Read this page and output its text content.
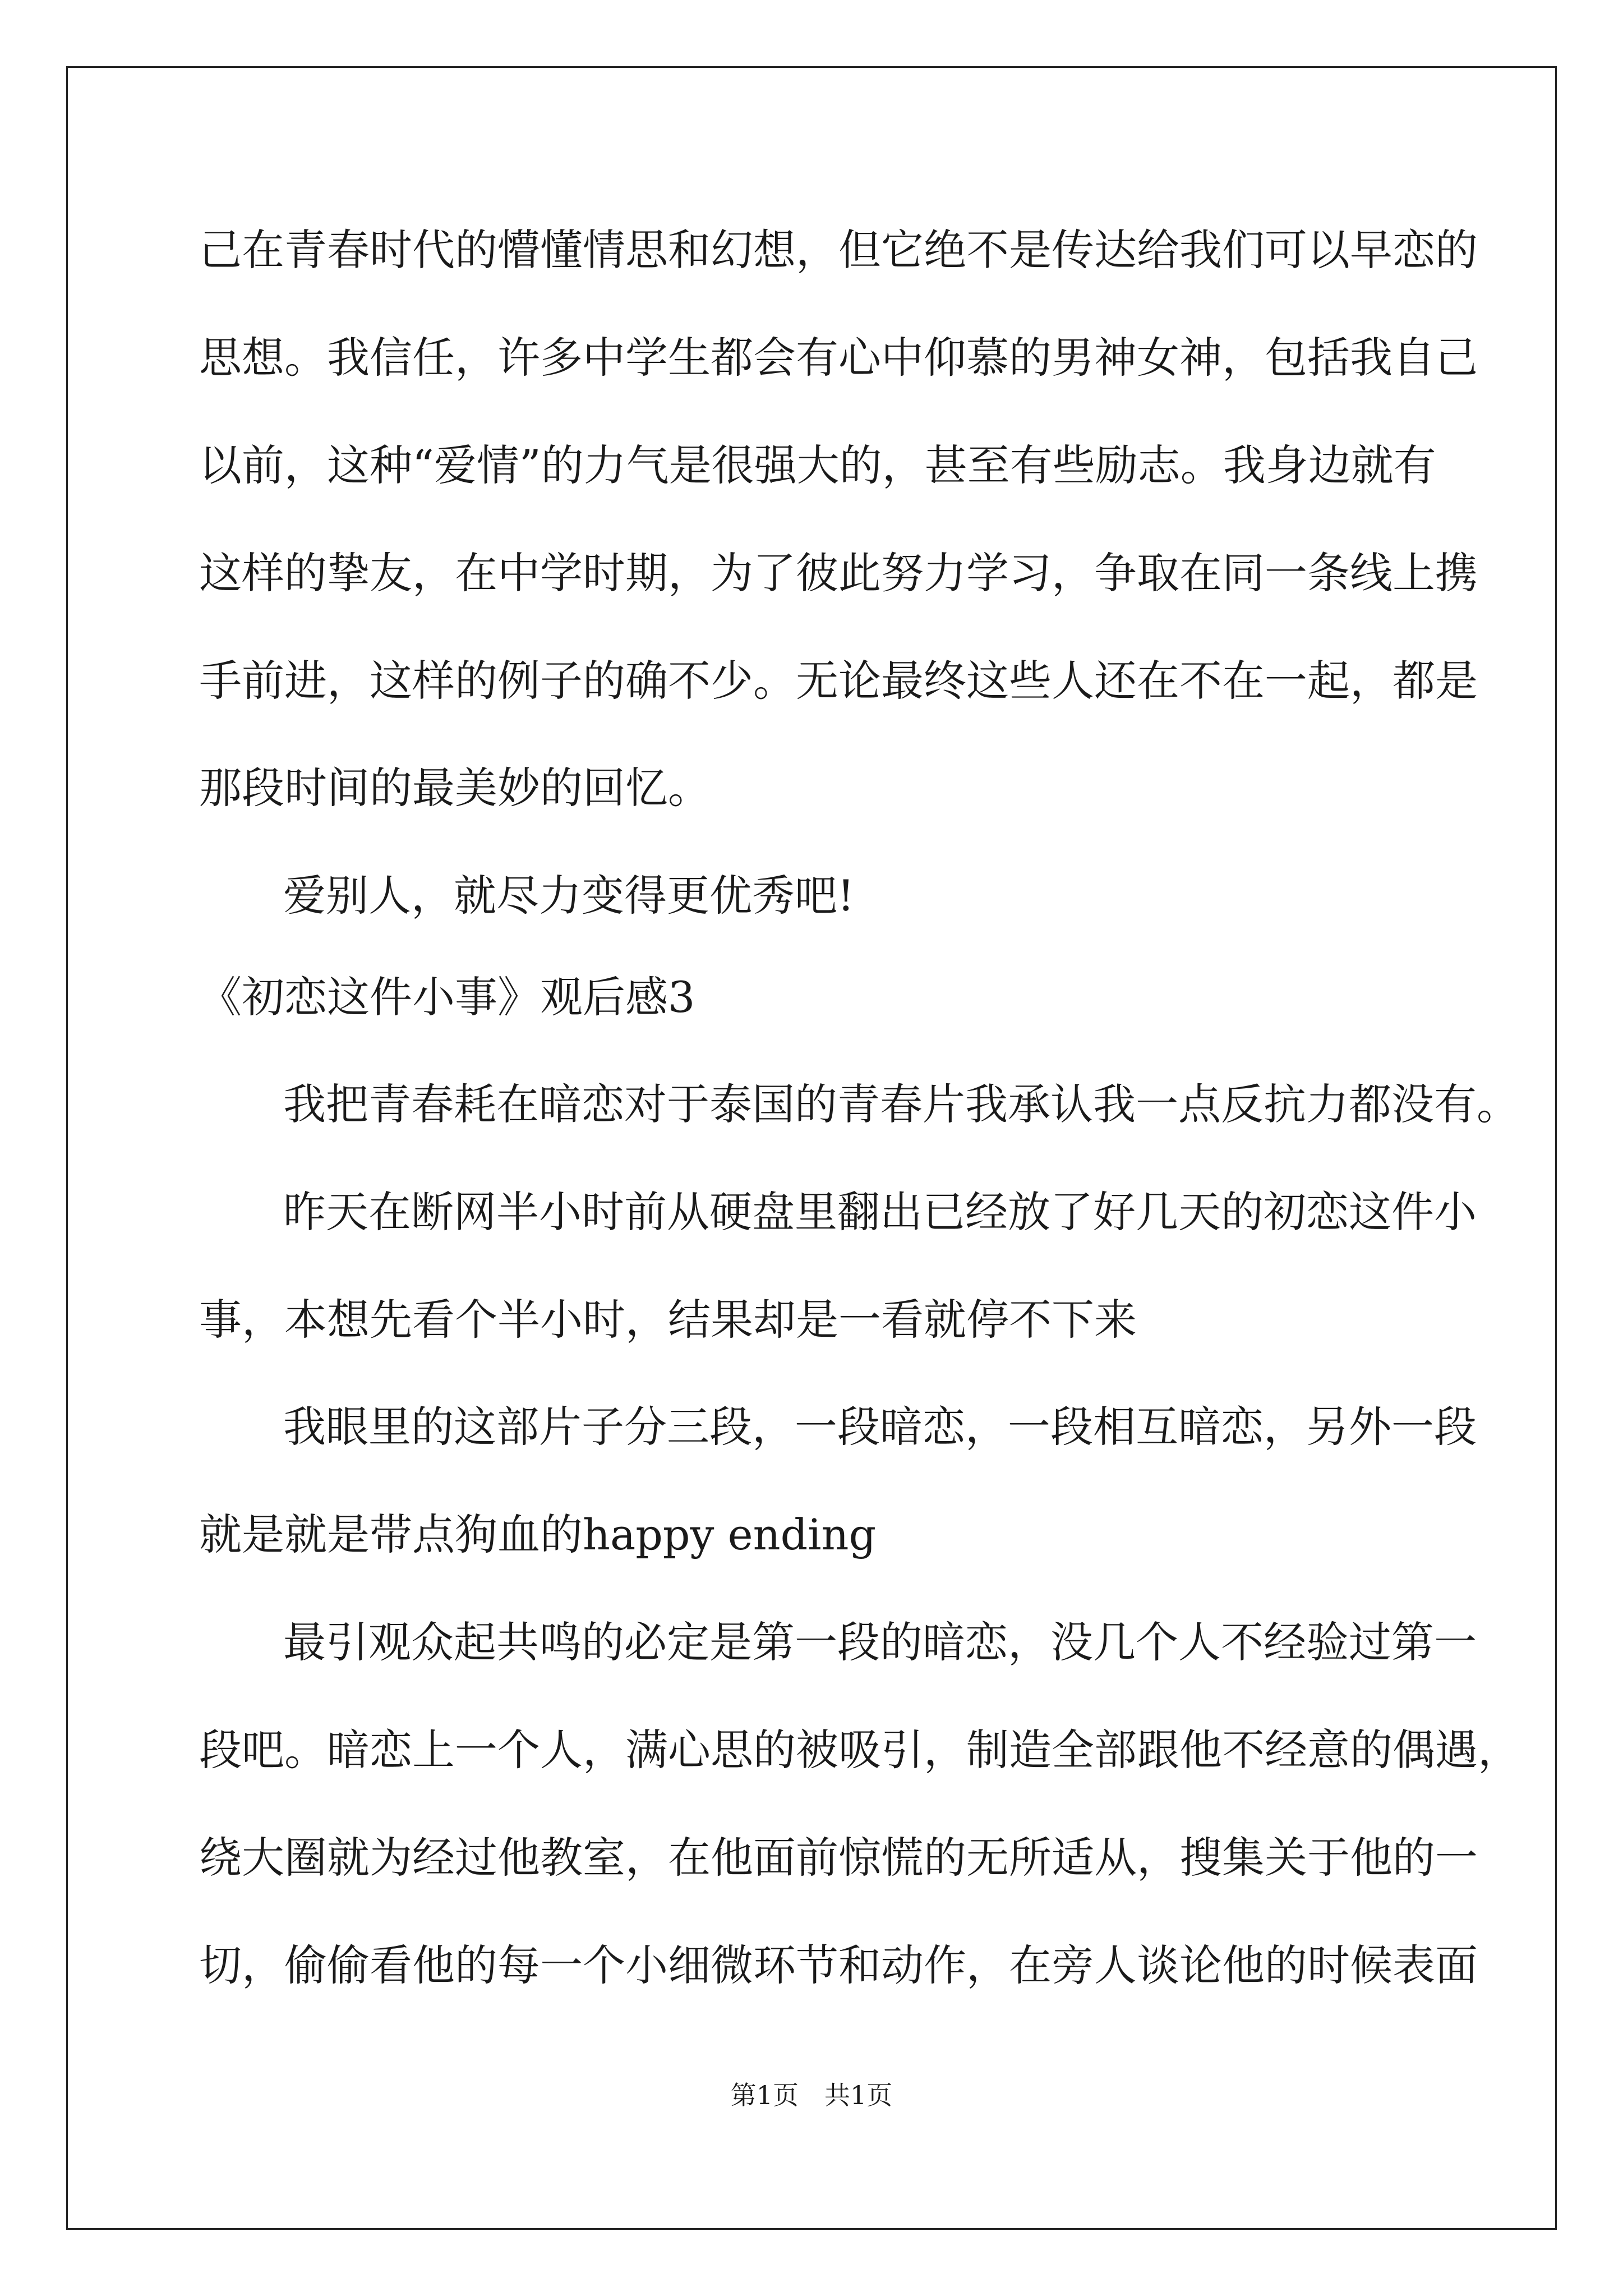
己在青春时代的懵懂情思和幻想，但它绝不是传达给我们可以早恋的
思想。我信任，许多中学生都会有心中仰慕的男神女神，包括我自己
以前，这种“爱情”的力气是很强大的，甚至有些励志。我身边就有
这样的挚友，在中学时期，为了彼此努力学习，争取在同一条线上携
手前进，这样的例子的确不少。无论最终这些人还在不在一起，都是
那段时间的最美妙的回忆。
爱别人，就尽力变得更优秀吧!
《初恋这件小事》观后感3
我把青春耗在暗恋对于泰国的青春片我承认我一点反抗力都没有。
昨天在断网半小时前从硬盘里翻出已经放了好几天的初恋这件小
事，本想先看个半小时，结果却是一看就停不下来
我眼里的这部片子分三段，一段暗恋，一段相互暗恋，另外一段
就是就是带点狗血的happy ending
最引观众起共鸣的必定是第一段的暗恋，没几个人不经验过第一
段吧。暗恋上一个人，满心思的被吸引，制造全部跟他不经意的偶遇，
绕大圈就为经过他教室，在他面前惊慌的无所适从，搜集关于他的一
切，偷偷看他的每一个小细微环节和动作，在旁人谈论他的时候表面
第1页　共1页
